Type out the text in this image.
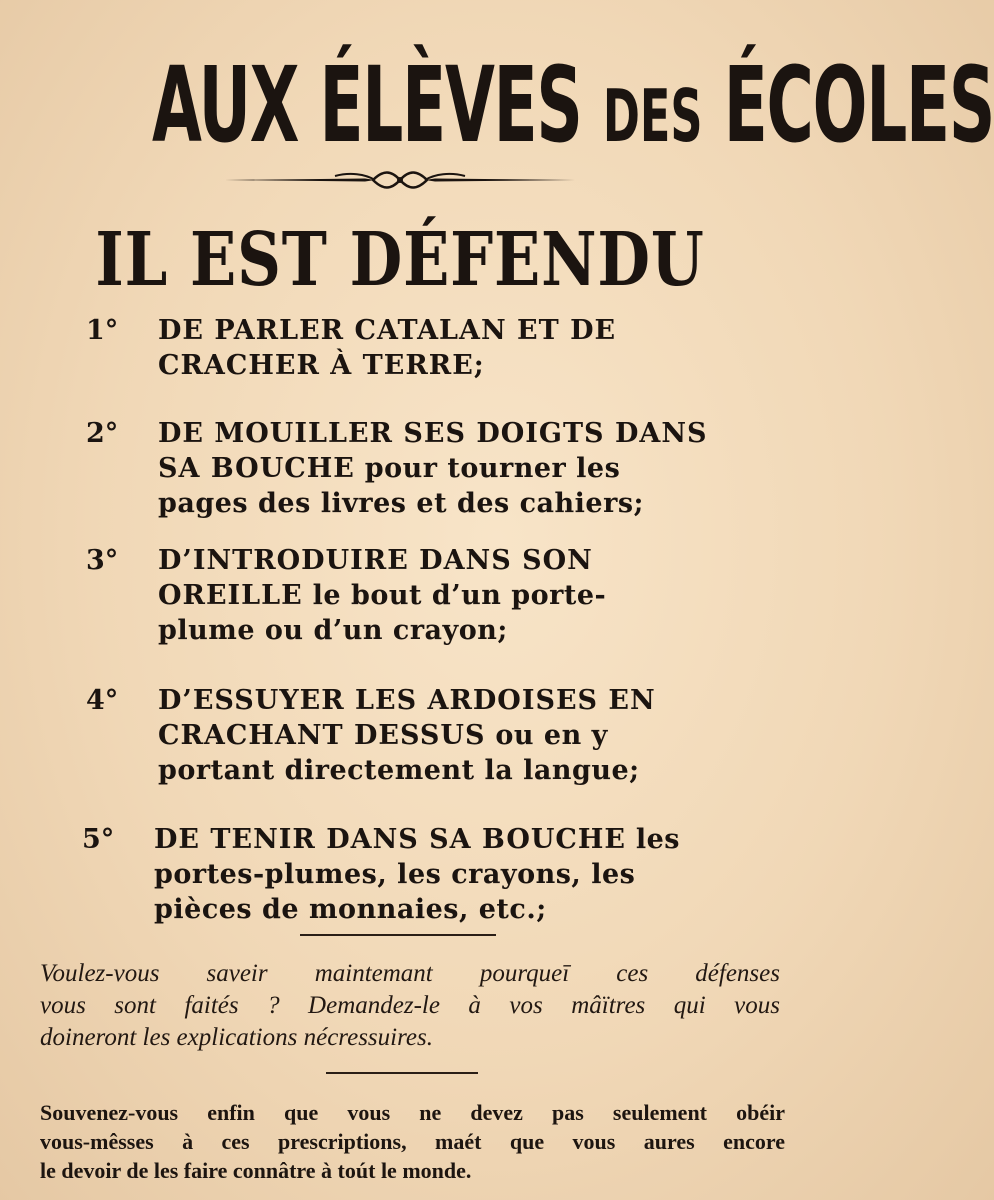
AUX ÉLÈVES DES ÉCOLES
IL EST DÉFENDU
1° DE PARLER CATALAN ET DE
CRACHER À TERRE;
2° DE MOUILLER SES DOIGTS DANS
SA BOUCHE pour tourner les
pages des livres et des cahiers;
3° D’INTRODUIRE DANS SON
OREILLE le bout d’un porte-
plume ou d’un crayon;
4° D’ESSUYER LES ARDOISES EN
CRACHANT DESSUS ou en y
portant directement la langue;
5° DE TENIR DANS SA BOUCHE les
portes-plumes, les crayons, les
pièces de monnaies, etc.;
Voulez-vous saveir maintemant pourqueī ces défenses
vous sont faités ? Demandez-le à vos mâïtres qui vous
doineront les explications nécressuires.
Souvenez-vous enfin que vous ne devez pas seulement obéir
vous-mêsses à ces prescriptions, maét que vous aures encore
le devoir de les faire connâtre à toút le monde.
